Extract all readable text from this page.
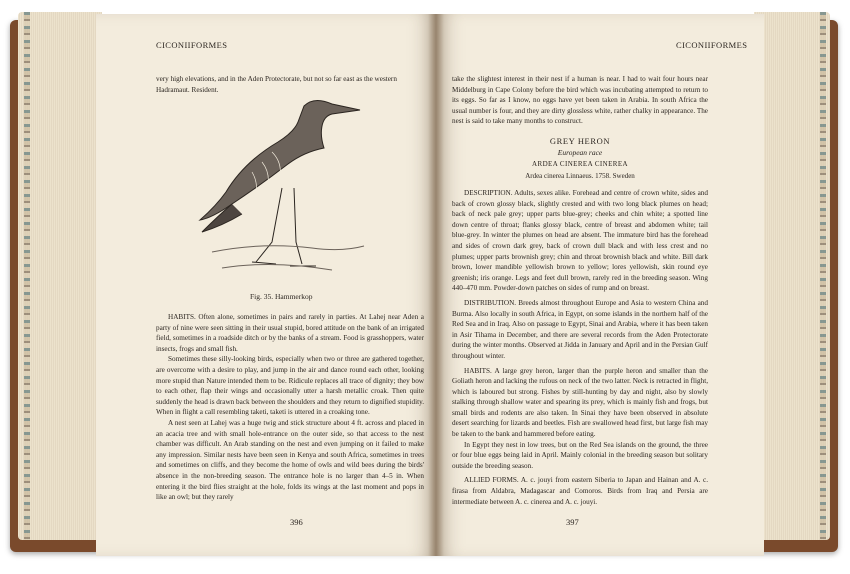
CICONIIFORMES

very high elevations, and in the Aden Protectorate, but not so far east as the western

Hadramaut. Resident.

Fig. 35. Hammerkop

HABITS. Often alone, sometimes in pairs and rarely in parties. At Lahej near Aden a party of nine were seen sitting in their usual stupid, bored attitude on the bank of an irrigated field, sometimes in a roadside ditch or by the banks of a stream. Food is grasshoppers, water insects, frogs and small fish.

Sometimes these silly-looking birds, especially when two or three are gathered together, are overcome with a desire to play, and jump in the air and dance round each other, looking more stupid than Nature intended them to be. Ridicule replaces all trace of dignity; they bow to each other, flap their wings and occasionally utter a harsh metallic croak. Then quite suddenly the head is drawn back between the shoulders and they return to dignified stupidity. When in flight a call resembling taketi, taketi is uttered in a croaking tone.

A nest seen at Lahej was a huge twig and stick structure about 4 ft. across and placed in an acacia tree and with small hole-entrance on the outer side, so that access to the nest chamber was difficult. An Arab standing on the nest and even jumping on it failed to make any impression. Similar nests have been seen in Kenya and south Africa, sometimes in trees and sometimes on cliffs, and they become the home of owls and wild bees during the birds' absence in the non-breeding season. The entrance hole is no larger than 4–5 in. When entering it the bird flies straight at the hole, folds its wings at the last moment and pops in like an owl; but they rarely

396
CICONIIFORMES
take the slightest interest in their nest if a human is near. I had to wait four hours near Middelburg in Cape Colony before the bird which was incubating attempted to return to its eggs. So far as I know, no eggs have yet been taken in Arabia. In south Africa the usual number is four, and they are dirty glossless white, rather chalky in appearance. The nest is said to take many months to construct.
GREY HERON
European race
ARDEA CINEREA CINEREA
Ardea cinerea Linnaeus. 1758. Sweden

DESCRIPTION. Adults, sexes alike. Forehead and centre of crown white, sides and back of crown glossy black, slightly crested and with two long black plumes on head; back of neck pale grey; upper parts blue-grey; cheeks and chin white; a spotted line down centre of throat; flanks glossy black, centre of breast and abdomen white; tail blue-grey. In winter the plumes on head are absent. The immature bird has the forehead and sides of crown dark grey, back of crown dull black and with less crest and no plumes; upper parts brownish grey; chin and throat brownish black and white. Bill dark brown, lower mandible yellowish brown to yellow; lores yellowish, skin round eye greenish; iris orange. Legs and feet dull brown, rarely red in the breeding season. Wing 440–470 mm. Powder-down patches on sides of rump and on breast.

DISTRIBUTION. Breeds almost throughout Europe and Asia to western China and Burma. Also locally in south Africa, in Egypt, on some islands in the northern half of the Red Sea and in Iraq. Also on passage to Egypt, Sinai and Arabia, where it has been taken in Asir Tihama in December, and there are several records from the Aden Protectorate during the winter months. Observed at Jidda in January and April and in the Persian Gulf throughout winter.

HABITS. A large grey heron, larger than the purple heron and smaller than the Goliath heron and lacking the rufous on neck of the two latter. Neck is retracted in flight, which is laboured but strong. Fishes by still-hunting by day and night, also by slowly stalking through shallow water and spearing its prey, which is mainly fish and frogs, but small birds and rodents are also taken. In Sinai they have been observed in absolute desert searching for lizards and beetles. Fish are swallowed head first, but large fish may be taken to the bank and hammered before eating.

In Egypt they nest in low trees, but on the Red Sea islands on the ground, the three or four blue eggs being laid in April. Mainly colonial in the breeding season but solitary outside the breeding season.

ALLIED FORMS. A. c. jouyi from eastern Siberia to Japan and Hainan and A. c. firasa from Aldabra, Madagascar and Comoros. Birds from Iraq and Persia are intermediate between A. c. cinerea and A. c. jouyi.

397
